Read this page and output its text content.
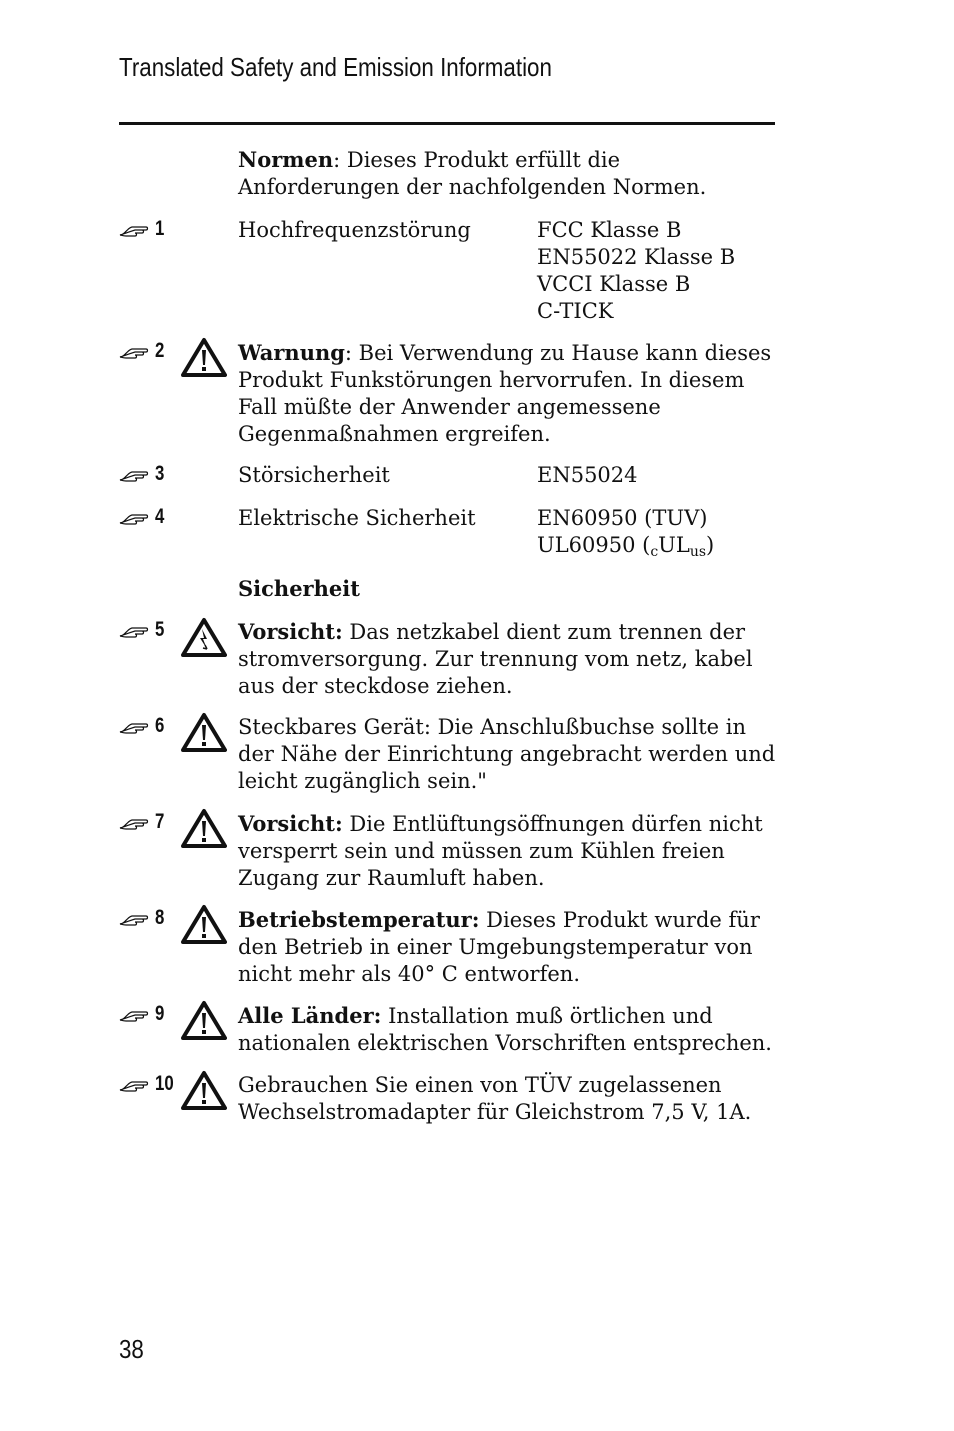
Translated Safety and Emission Information
Normen: Dieses Produkt erfüllt die Anforderungen der nachfolgenden Normen.
1	Hochfrequenzstörung	FCC Klasse B
EN55022 Klasse B
VCCI Klasse B
C-TICK
2	Warnung: Bei Verwendung zu Hause kann dieses Produkt Funkstörungen hervorrufen. In diesem Fall müßte der Anwender angemessene Gegenmaßnahmen ergreifen.
3	Störsicherheit	EN55024
4	Elektrische Sicherheit	EN60950 (TUV)
UL60950 $(_cUL_{us})$
Sicherheit
5	Vorsicht: Das netzkabel dient zum trennen der stromversorgung. Zur trennung vom netz, kabel aus der steckdose ziehen.
6	Steckbares Gerät: Die Anschlußbuchse sollte in der Nähe der Einrichtung angebracht werden und leicht zugänglich sein."
7	Vorsicht: Die Entlüftungsöffnungen dürfen nicht versperrt sein und müssen zum Kühlen freien Zugang zur Raumluft haben.
8	Betriebstemperatur: Dieses Produkt wurde für den Betrieb in einer Umgebungstemperatur von nicht mehr als 40° C entworfen.
9	Alle Länder: Installation muß örtlichen und nationalen elektrischen Vorschriften entsprechen.
10	Gebrauchen Sie einen von TÜV zugelassenen Wechselstromadapter für Gleichstrom 7,5 V, 1A.
38
